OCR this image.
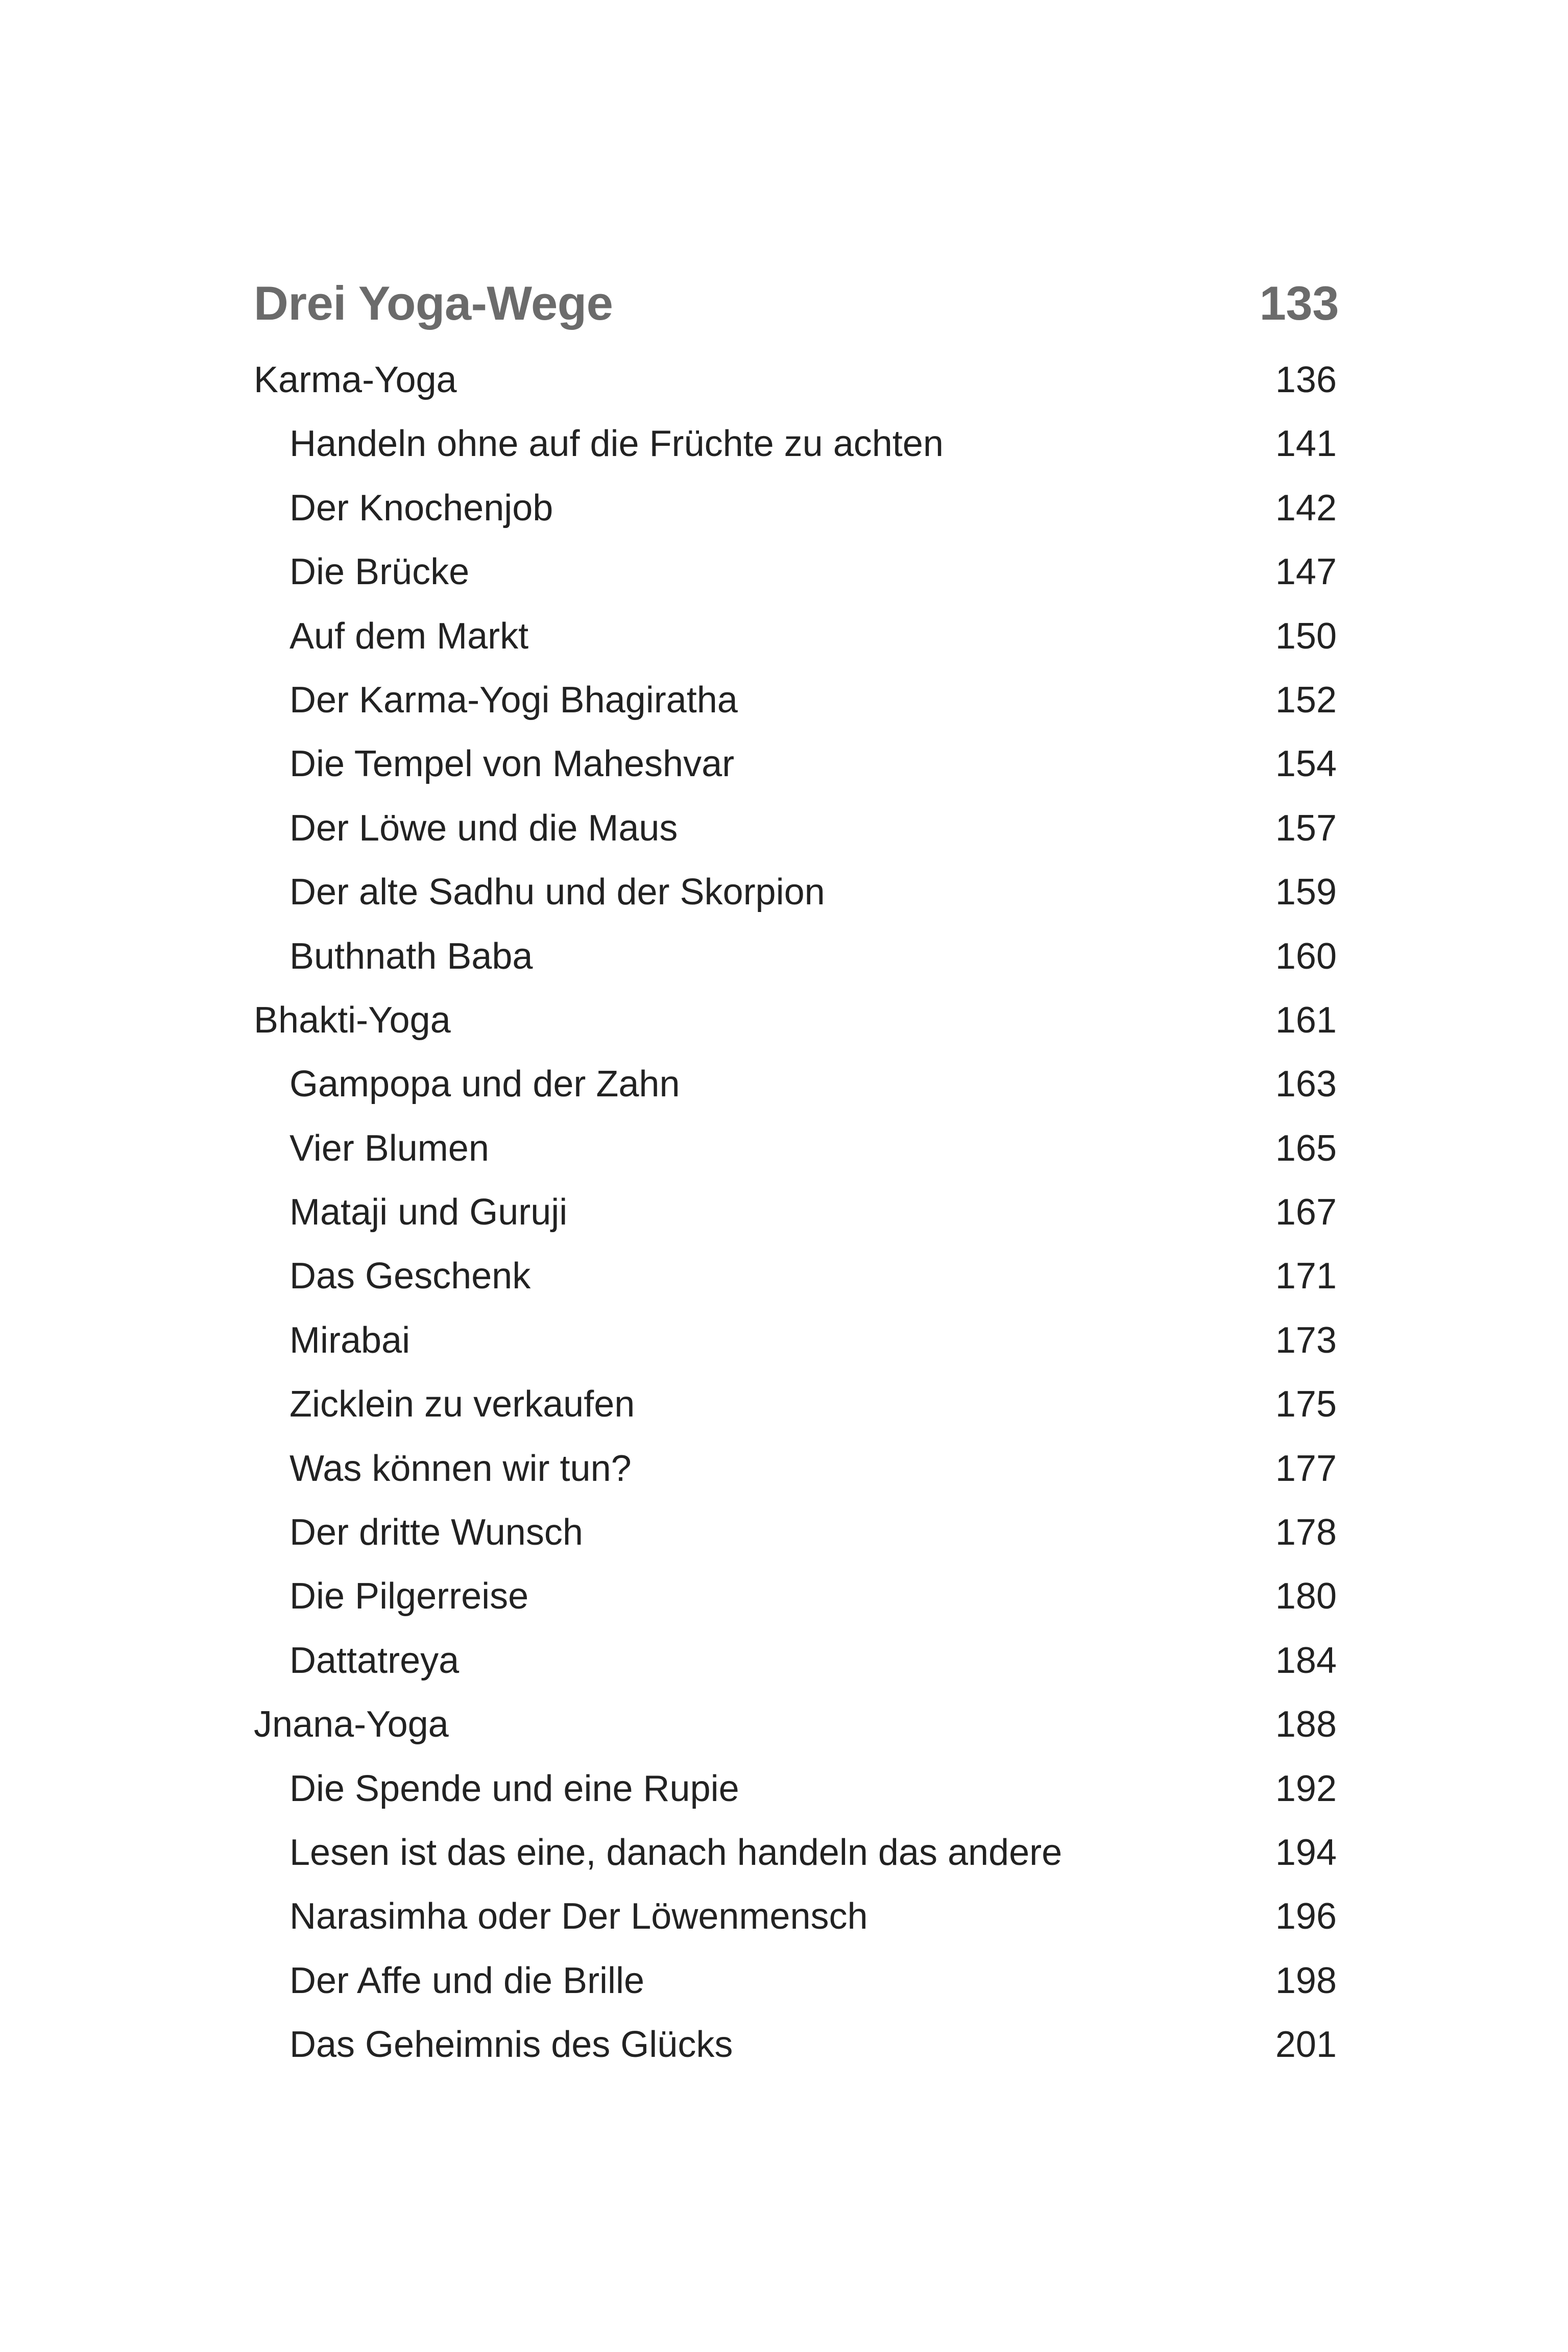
Drei Yoga-Wege	133
Karma-Yoga	136
Handeln ohne auf die Früchte zu achten	141
Der Knochenjob	142
Die Brücke	147
Auf dem Markt	150
Der Karma-Yogi Bhagiratha	152
Die Tempel von Maheshvar	154
Der Löwe und die Maus	157
Der alte Sadhu und der Skorpion	159
Buthnath Baba	160
Bhakti-Yoga	161
Gampopa und der Zahn	163
Vier Blumen	165
Mataji und Guruji	167
Das Geschenk	171
Mirabai	173
Zicklein zu verkaufen	175
Was können wir tun?	177
Der dritte Wunsch	178
Die Pilgerreise	180
Dattatreya	184
Jnana-Yoga	188
Die Spende und eine Rupie	192
Lesen ist das eine, danach handeln das andere	194
Narasimha oder Der Löwenmensch	196
Der Affe und die Brille	198
Das Geheimnis des Glücks	201
